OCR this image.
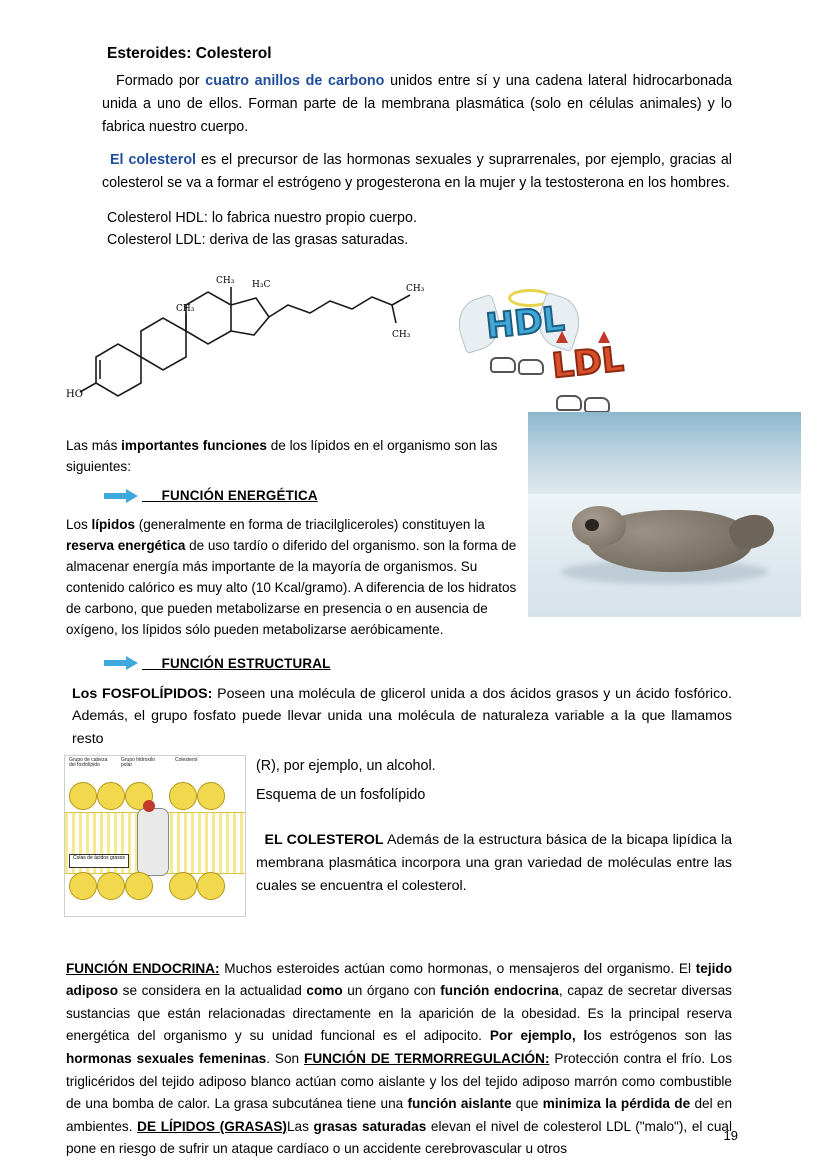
Esteroides: Colesterol

Formado por cuatro anillos de carbono unidos entre sí y una cadena lateral hidrocarbonada unida a uno de ellos. Forman parte de la membrana plasmática (solo en células animales) y lo fabrica nuestro cuerpo.

El colesterol es el precursor de las hormonas sexuales y suprarrenales, por ejemplo, gracias al colesterol se va a formar el estrógeno y progesterona en la mujer y la testosterona en los hombres.

Colesterol HDL: lo fabrica nuestro propio cuerpo.

Colesterol LDL: deriva de las grasas saturadas.

H₃C
CH₃
CH₃
CH₃
CH₃
HO
HDL
LDL

Las más importantes funciones de los lípidos en el organismo son las siguientes:

FUNCIÓN ENERGÉTICA

Los lípidos (generalmente en forma de triacilgliceroles) constituyen la reserva energética de uso tardío o diferido del organismo. son la forma de almacenar energía más importante de la mayoría de organismos. Su contenido calórico es muy alto (10 Kcal/gramo). A diferencia de los hidratos de carbono, que pueden metabolizarse en presencia o en ausencia de oxígeno, los lípidos sólo pueden metabolizarse aeróbicamente.

FUNCIÓN ESTRUCTURAL

Los FOSFOLÍPIDOS: Poseen una molécula de glicerol unida a dos ácidos grasos y un ácido fosfórico. Además, el grupo fosfato puede llevar unida una molécula de naturaleza variable a la que llamamos resto

Grupo de cabeza del fosfolípido
Grupo hidroxilo polar
Colesterol
Colas de ácidos grasos

(R), por ejemplo, un alcohol.

Esquema de un fosfolípido

EL COLESTEROL Además de la estructura básica de la bicapa lipídica la membrana plasmática incorpora una gran variedad de moléculas entre las cuales se encuentra el colesterol.

FUNCIÓN ENDOCRINA: Muchos esteroides actúan como hormonas, o mensajeros del organismo. El tejido adiposo se considera en la actualidad como un órgano con función endocrina, capaz de secretar diversas sustancias que están relacionadas directamente en la aparición de la obesidad. Es la principal reserva energética del organismo y su unidad funcional es el adipocito. Por ejemplo, los estrógenos son las hormonas sexuales femeninas. Son FUNCIÓN DE TERMORREGULACIÓN: Protección contra el frío. Los triglicéridos del tejido adiposo blanco actúan como aislante y los del tejido adiposo marrón como combustible de una bomba de calor. La grasa subcutánea tiene una función aislante que minimiza la pérdida de del en ambientes. DE LÍPIDOS (GRASAS)Las grasas saturadas elevan el nivel de colesterol LDL ("malo"), el cual pone en riesgo de sufrir un ataque cardíaco o un accidente cerebrovascular u otros
19
